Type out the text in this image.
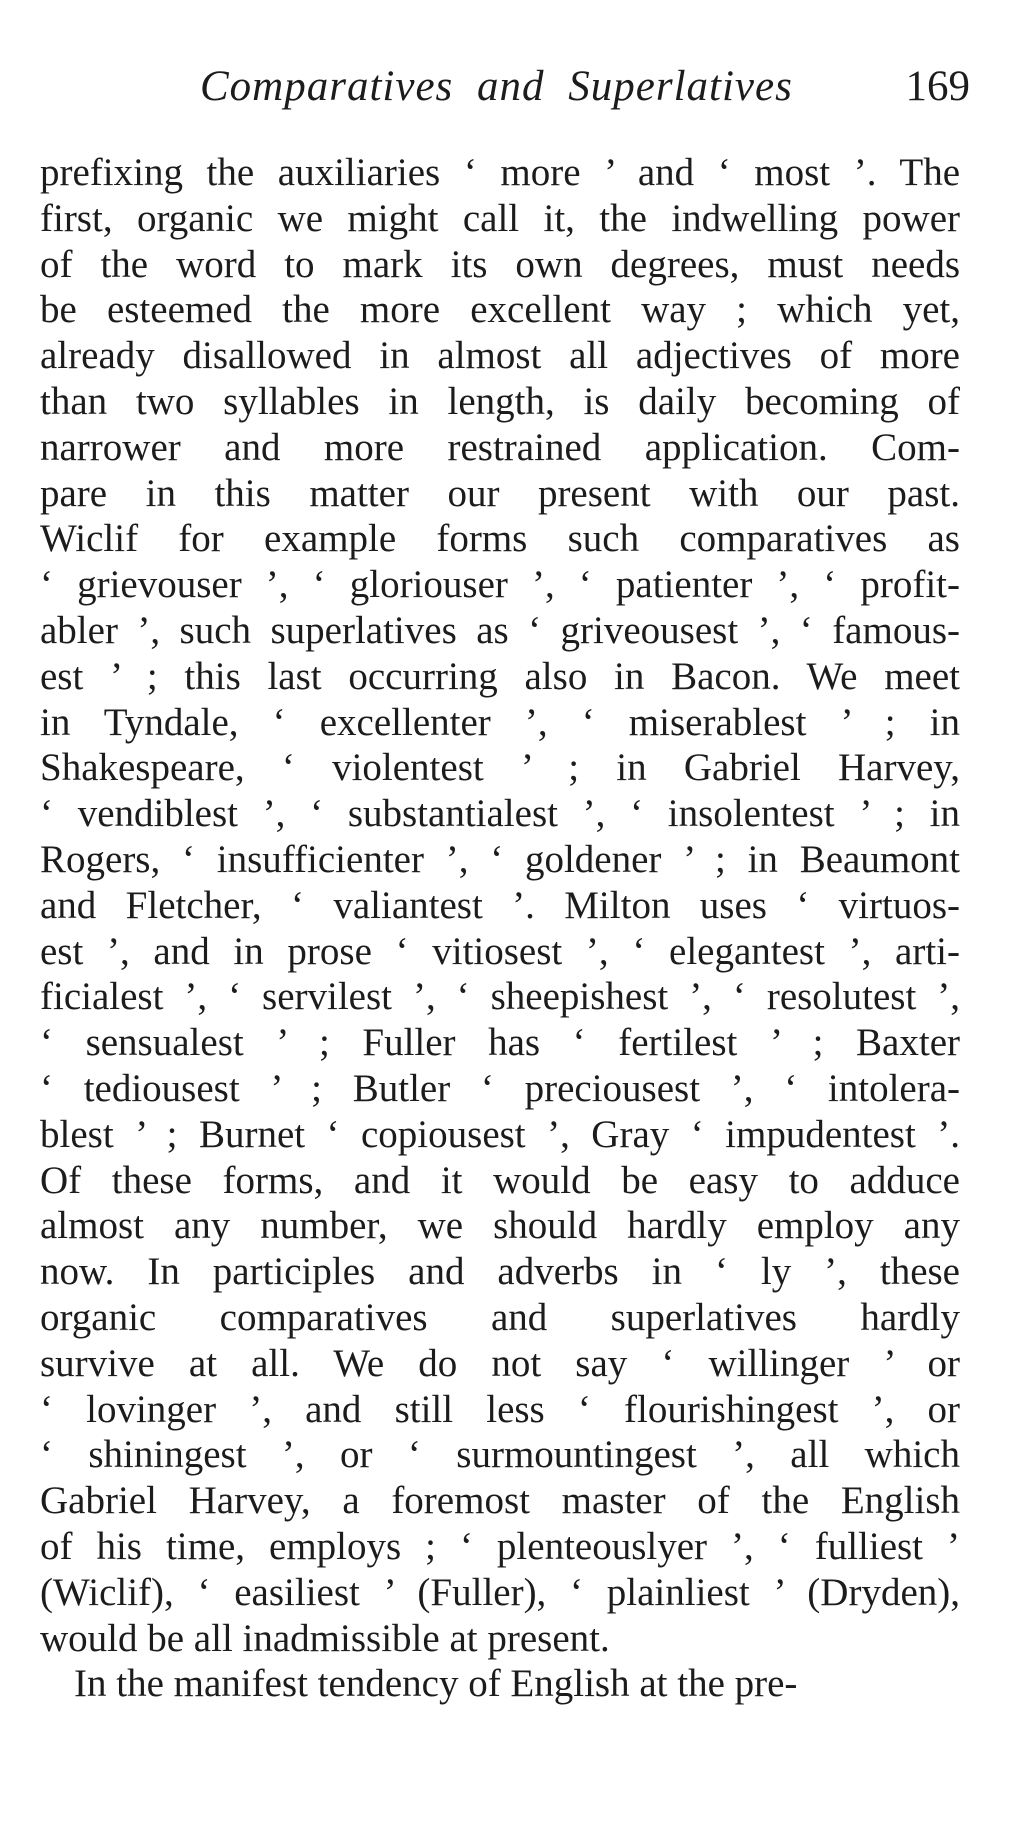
Comparatives and Superlatives	169
prefixing the auxiliaries ‘ more ’ and ‘ most ’. The
first, organic we might call it, the indwelling power
of the word to mark its own degrees, must needs
be esteemed the more excellent way ; which yet,
already disallowed in almost all adjectives of more
than two syllables in length, is daily becoming of
narrower and more restrained application. Com-
pare in this matter our present with our past.
Wiclif for example forms such comparatives as
‘ grievouser ’, ‘ gloriouser ’, ‘ patienter ’, ‘ profit-
abler ’, such superlatives as ‘ griveousest ’, ‘ famous-
est ’ ; this last occurring also in Bacon. We meet
in Tyndale, ‘ excellenter ’, ‘ miserablest ’ ; in
Shakespeare, ‘ violentest ’ ; in Gabriel Harvey,
‘ vendiblest ’, ‘ substantialest ’, ‘ insolentest ’ ; in
Rogers, ‘ insufficienter ’, ‘ goldener ’ ; in Beaumont
and Fletcher, ‘ valiantest ’. Milton uses ‘ virtuos-
est ’, and in prose ‘ vitiosest ’, ‘ elegantest ’, arti-
ficialest ’, ‘ servilest ’, ‘ sheepishest ’, ‘ resolutest ’,
‘ sensualest ’ ; Fuller has ‘ fertilest ’ ; Baxter
‘ tediousest ’ ; Butler ‘ preciousest ’, ‘ intolera-
blest ’ ; Burnet ‘ copiousest ’, Gray ‘ impudentest ’.
Of these forms, and it would be easy to adduce
almost any number, we should hardly employ any
now. In participles and adverbs in ‘ ly ’, these
organic comparatives and superlatives hardly
survive at all. We do not say ‘ willinger ’ or
‘ lovinger ’, and still less ‘ flourishingest ’, or
‘ shiningest ’, or ‘ surmountingest ’, all which
Gabriel Harvey, a foremost master of the English
of his time, employs ; ‘ plenteouslyer ’, ‘ fulliest ’
(Wiclif), ‘ easiliest ’ (Fuller), ‘ plainliest ’ (Dryden),
would be all inadmissible at present.
In the manifest tendency of English at the pre-
